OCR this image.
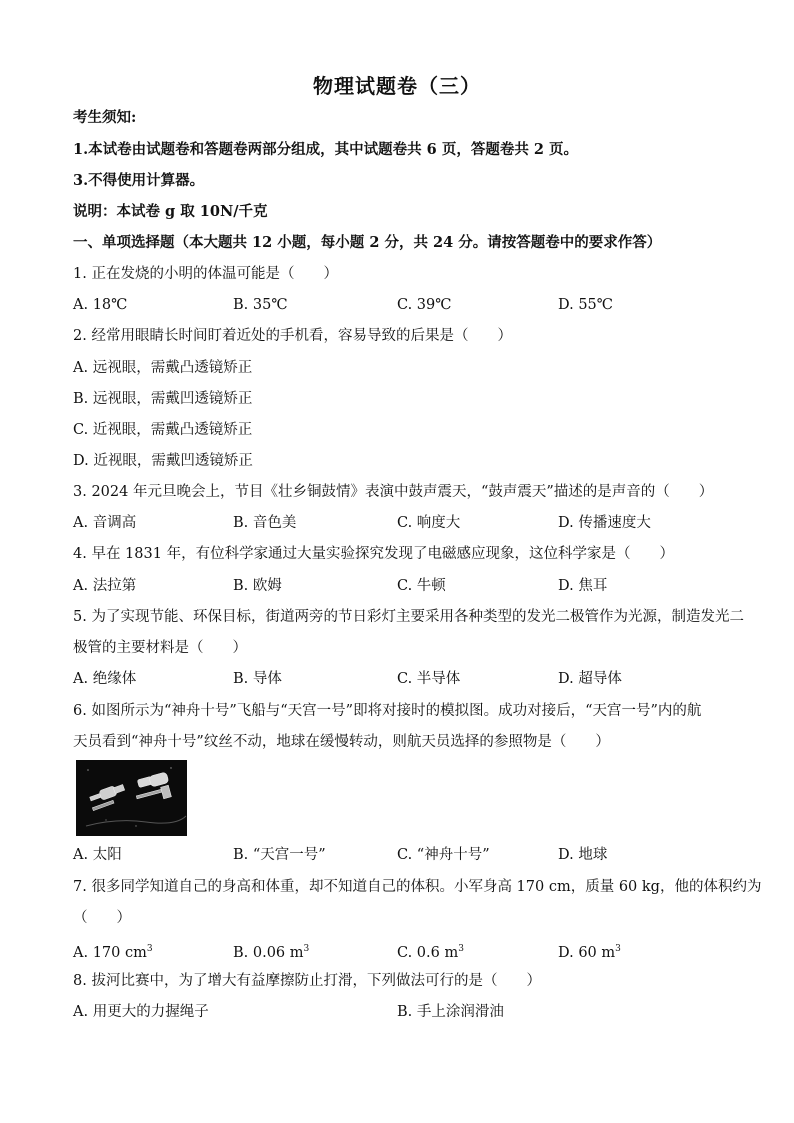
物理试题卷（三）
考生须知:
1.本试卷由试题卷和答题卷两部分组成，其中试题卷共 6 页，答题卷共 2 页。
3.不得使用计算器。
说明：本试卷 g 取 10N/千克
一、单项选择题（本大题共 12 小题，每小题 2 分，共 24 分。请按答题卷中的要求作答）
1. 正在发烧的小明的体温可能是（　　）
A. 18℃	B. 35℃	C. 39℃	D. 55℃
2. 经常用眼睛长时间盯着近处的手机看，容易导致的后果是（　　）
A. 远视眼，需戴凸透镜矫正
B. 远视眼，需戴凹透镜矫正
C. 近视眼，需戴凸透镜矫正
D. 近视眼，需戴凹透镜矫正
3. 2024 年元旦晚会上，节目《壮乡铜鼓情》表演中鼓声震天，“鼓声震天”描述的是声音的（　　）
A. 音调高	B. 音色美	C. 响度大	D. 传播速度大
4. 早在 1831 年，有位科学家通过大量实验探究发现了电磁感应现象，这位科学家是（　　）
A. 法拉第	B. 欧姆	C. 牛顿	D. 焦耳
5. 为了实现节能、环保目标，街道两旁的节日彩灯主要采用各种类型的发光二极管作为光源，制造发光二
极管的主要材料是（　　）
A. 绝缘体	B. 导体	C. 半导体	D. 超导体
6. 如图所示为“神舟十号”飞船与“天宫一号”即将对接时的模拟图。成功对接后，“天宫一号”内的航
天员看到“神舟十号”纹丝不动，地球在缓慢转动，则航天员选择的参照物是（　　）
A. 太阳	B. “天宫一号”	C. “神舟十号”	D. 地球
7. 很多同学知道自己的身高和体重，却不知道自己的体积。小军身高 170 cm，质量 60 kg，他的体积约为
（　　）
A. 170 $cm^3$	B. 0.06 $m^3$	C. 0.6 $m^3$	D. 60 $m^3$
8. 拔河比赛中，为了增大有益摩擦防止打滑，下列做法可行的是（　　）
A. 用更大的力握绳子	B. 手上涂润滑油
